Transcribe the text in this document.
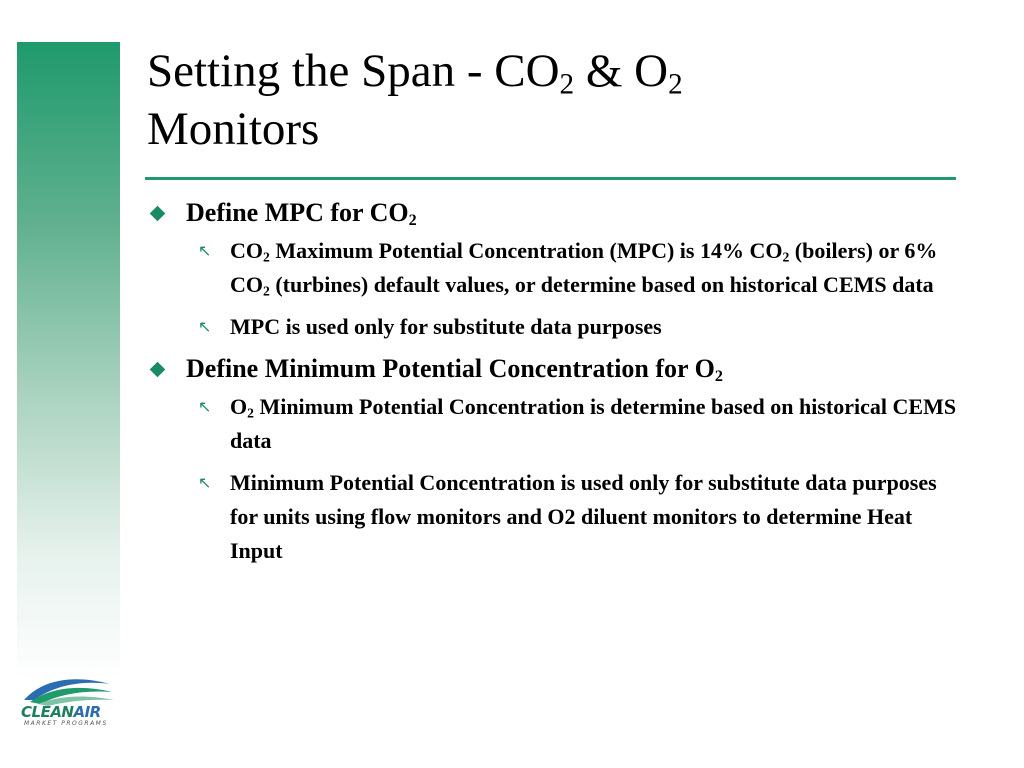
Setting the Span - $CO_2$ & $O_2$
Monitors
Define MPC for $CO_2$
↖ $CO_2$ Maximum Potential Concentration (MPC) is 14% $CO_2$ (boilers) or 6% $CO_2$ (turbines) default values, or determine based on historical CEMS data
↖ MPC is used only for substitute data purposes
Define Minimum Potential Concentration for $O_2$
↖ $O_2$ Minimum Potential Concentration is determine based on historical CEMS data
↖ Minimum Potential Concentration is used only for substitute data purposes for units using flow monitors and O2 diluent monitors to determine Heat Input
CLEANAIR
MARKET PROGRAMS
